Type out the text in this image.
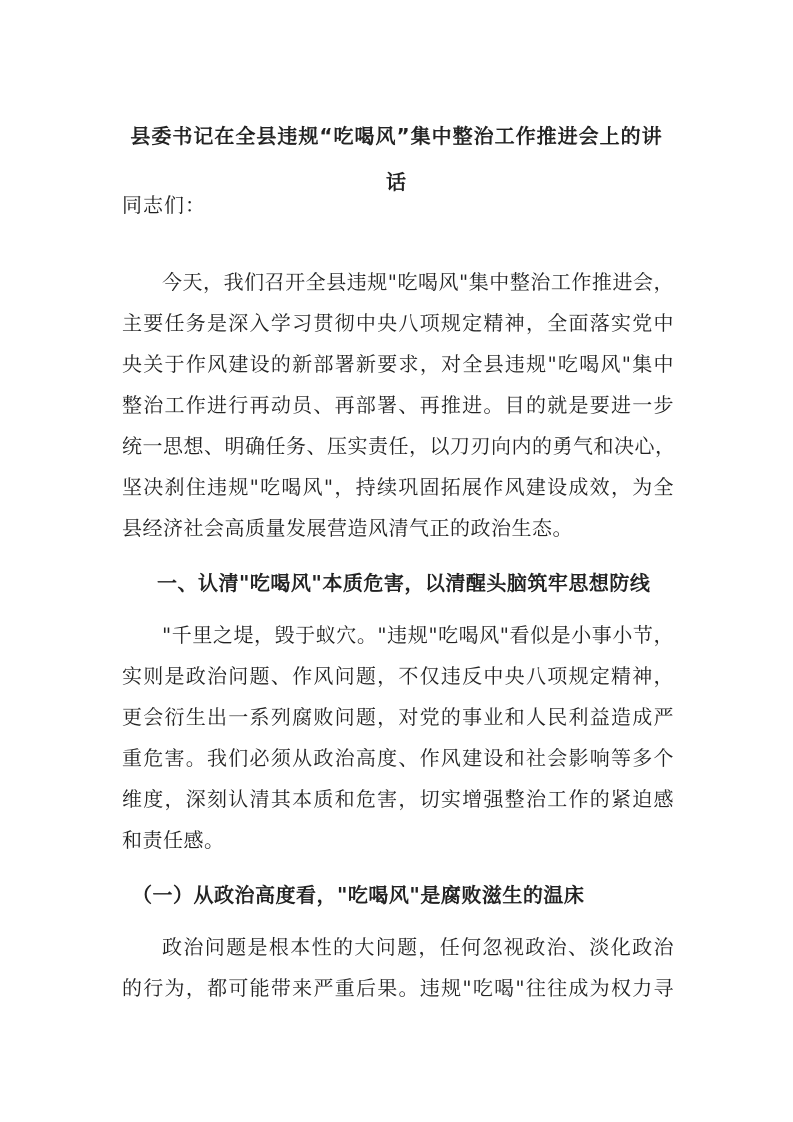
县委书记在全县违规“吃喝风”集中整治工作推进会上的讲
话
同志们：
今天，我们召开全县违规"吃喝风"集中整治工作推进会，
主要任务是深入学习贯彻中央八项规定精神，全面落实党中
央关于作风建设的新部署新要求，对全县违规"吃喝风"集中
整治工作进行再动员、再部署、再推进。目的就是要进一步
统一思想、明确任务、压实责任，以刀刃向内的勇气和决心，
坚决刹住违规"吃喝风"，持续巩固拓展作风建设成效，为全
县经济社会高质量发展营造风清气正的政治生态。
一、认清"吃喝风"本质危害，以清醒头脑筑牢思想防线
"千里之堤，毁于蚁穴。"违规"吃喝风"看似是小事小节，
实则是政治问题、作风问题，不仅违反中央八项规定精神，
更会衍生出一系列腐败问题，对党的事业和人民利益造成严
重危害。我们必须从政治高度、作风建设和社会影响等多个
维度，深刻认清其本质和危害，切实增强整治工作的紧迫感
和责任感。
（一）从政治高度看，"吃喝风"是腐败滋生的温床
政治问题是根本性的大问题，任何忽视政治、淡化政治
的行为，都可能带来严重后果。违规"吃喝"往往成为权力寻
